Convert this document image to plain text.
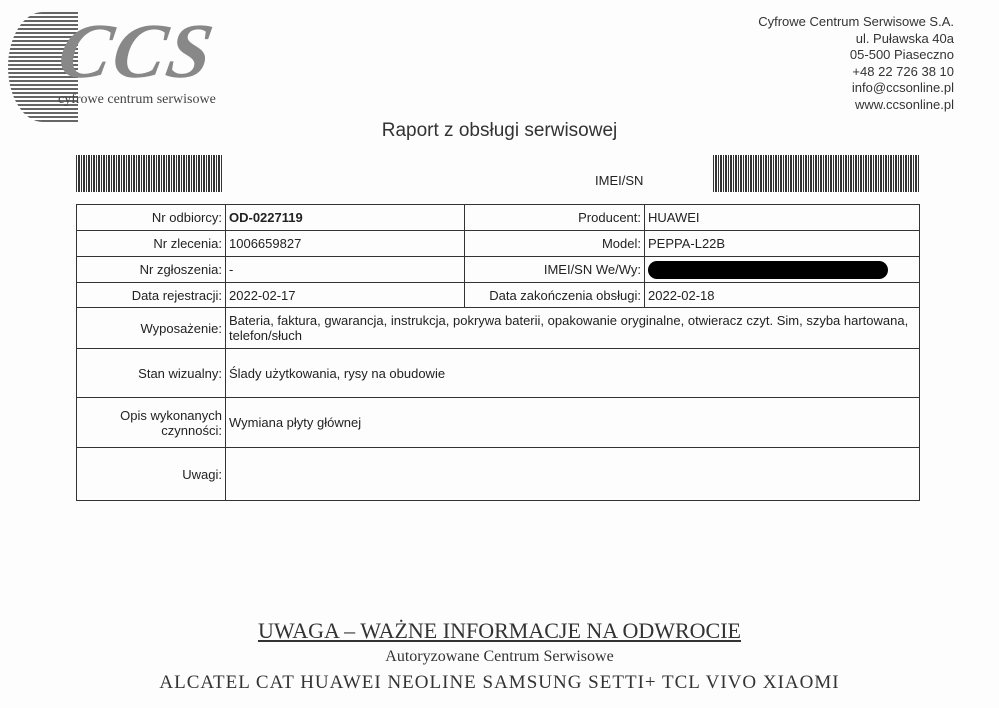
CCS
cyfrowe centrum serwisowe
Cyfrowe Centrum Serwisowe S.A.
ul. Puławska 40a
05-500 Piaseczno
+48 22 726 38 10
info@ccsonline.pl
www.ccsonline.pl
Raport z obsługi serwisowej
IMEI/SN
Nr odbiorcy:	OD-0227119	Producent:	HUAWEI
Nr zlecenia:	1006659827	Model:	PEPPA-L22B
Nr zgłoszenia:	-	IMEI/SN We/Wy:	
Data rejestracji:	2022-02-17	Data zakończenia obsługi:	2022-02-18
Wyposażenie:	Bateria, faktura, gwarancja, instrukcja, pokrywa baterii, opakowanie oryginalne, otwieracz czyt. Sim, szyba hartowana, telefon/słuch		
Stan wizualny:	Ślady użytkowania, rysy na obudowie		
Opis wykonanych czynności:	Wymiana płyty głównej		
Uwagi:			
UWAGA – WAŻNE INFORMACJE NA ODWROCIE
Autoryzowane Centrum Serwisowe
ALCATEL CAT HUAWEI NEOLINE SAMSUNG SETTI+ TCL VIVO XIAOMI
